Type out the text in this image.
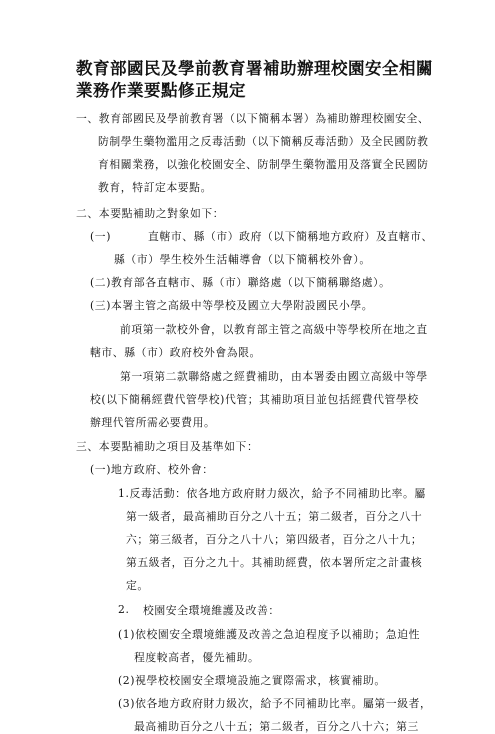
教育部國民及學前教育署補助辦理校園安全相關
業務作業要點修正規定
一、教育部國民及學前教育署（以下簡稱本署）為補助辦理校園安全、
防制學生藥物濫用之反毒活動（以下簡稱反毒活動）及全民國防教
育相關業務，以強化校園安全、防制學生藥物濫用及落實全民國防
教育，特訂定本要點。
二、本要點補助之對象如下：
(一)	直轄市、縣（市）政府（以下簡稱地方政府）及直轄市、
縣（市）學生校外生活輔導會（以下簡稱校外會）。
(二)教育部各直轄市、縣（市）聯絡處（以下簡稱聯絡處）。
(三)本署主管之高級中等學校及國立大學附設國民小學。
前項第一款校外會，以教育部主管之高級中等學校所在地之直
轄市、縣（市）政府校外會為限。
第一項第二款聯絡處之經費補助，由本署委由國立高級中等學
校(以下簡稱經費代管學校)代管；其補助項目並包括經費代管學校
辦理代管所需必要費用。
三、本要點補助之項目及基準如下：
(一)地方政府、校外會：
1.反毒活動：依各地方政府財力級次，給予不同補助比率。屬
第一級者，最高補助百分之八十五；第二級者，百分之八十
六；第三級者，百分之八十八；第四級者，百分之八十九；
第五級者，百分之九十。其補助經費，依本署所定之計畫核
定。
2. 校園安全環境維護及改善：
(1)依校園安全環境維護及改善之急迫程度予以補助；急迫性
程度較高者，優先補助。
(2)視學校校園安全環境設施之實際需求，核實補助。
(3)依各地方政府財力級次，給予不同補助比率。屬第一級者，
最高補助百分之八十五；第二級者，百分之八十六；第三
